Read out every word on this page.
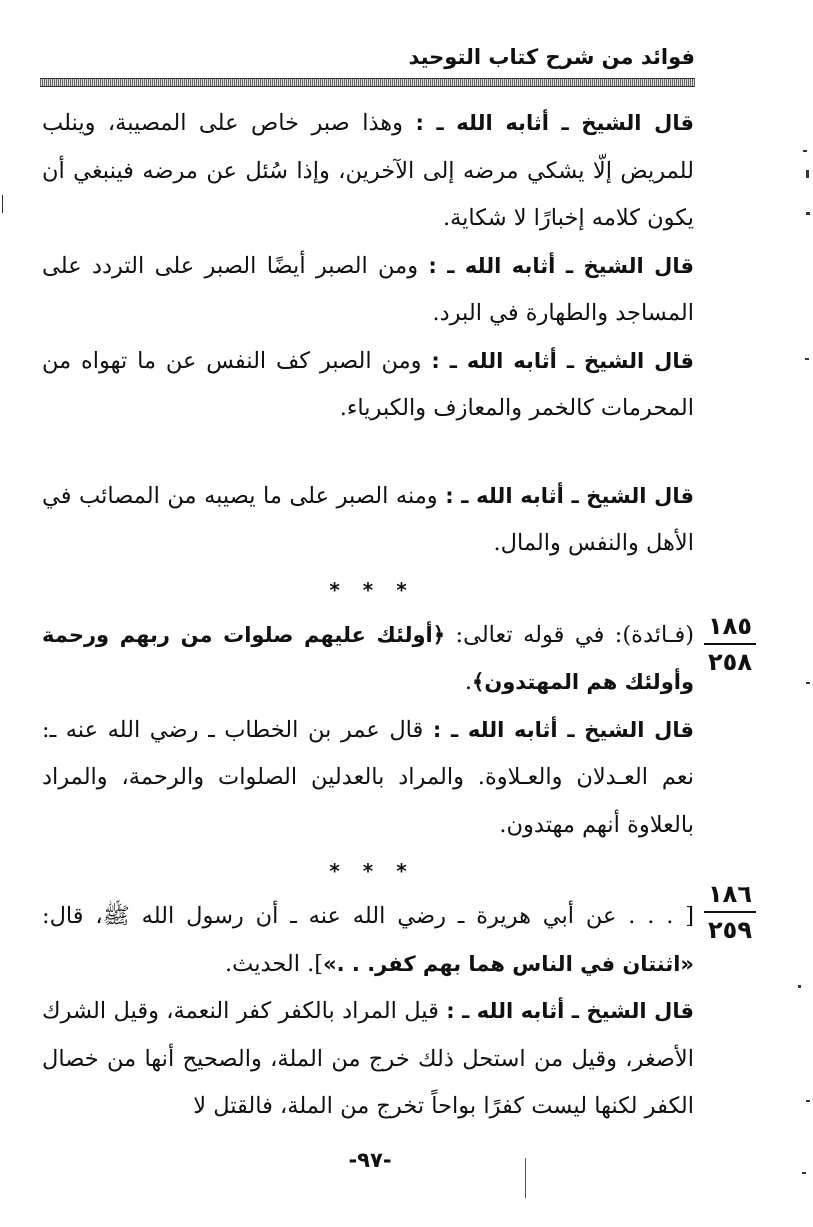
فوائد من شرح كتاب التوحيد

قال الشيخ ـ أثابه الله ـ : وهذا صبر خاص على المصيبة، وينلب للمريض إلّا يشكي مرضه إلى الآخرين، وإذا سُئل عن مرضه فينبغي أن يكون كلامه إخبارًا لا شكاية.

قال الشيخ ـ أثابه الله ـ : ومن الصبر أيضًا الصبر على التردد على المساجد والطهارة في البرد.

قال الشيخ ـ أثابه الله ـ : ومن الصبر كف النفس عن ما تهواه من المحرمات كالخمر والمعازف والكبرياء.

قال الشيخ ـ أثابه الله ـ : ومنه الصبر على ما يصيبه من المصائب في الأهل والنفس والمال.

* * *

(فـائدة): في قوله تعالى: ﴿أولئك عليهم صلوات من ربهم ورحمة وأولئك هم المهتدون﴾.

قال الشيخ ـ أثابه الله ـ : قال عمر بن الخطاب ـ رضي الله عنه ـ: نعم العـدلان والعـلاوة. والمراد بالعدلين الصلوات والرحمة، والمراد بالعلاوة أنهم مهتدون.

* * *

[ . . . عن أبي هريرة ـ رضي الله عنه ـ أن رسول الله ﷺ، قال: «اثنتان في الناس هما بهم كفر. . .»]. الحديث.

قال الشيخ ـ أثابه الله ـ : قيل المراد بالكفر كفر النعمة، وقيل الشرك الأصغر، وقيل من استحل ذلك خرج من الملة، والصحيح أنها من خصال الكفر لكنها ليست كفرًا بواحاً تخرج من الملة، فالقتل لا

١٨٥
٢٥٨
١٨٦
٢٥٩
-٩٧-
